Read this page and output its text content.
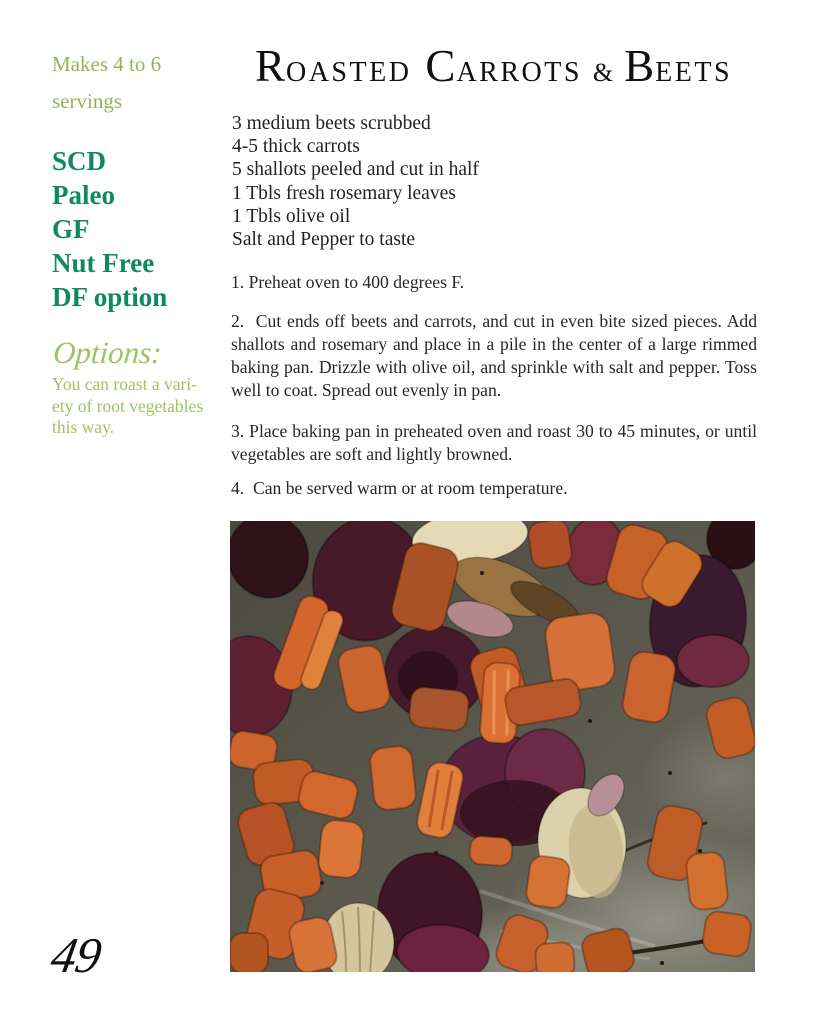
Makes 4 to 6
servings
SCD
Paleo
GF
Nut Free
DF option
Options:
You can roast a vari-
ety of root vegetables
this way.
49
ROASTED CARROTS & BEETS
3 medium beets scrubbed
4-5 thick carrots
5 shallots peeled and cut in half
1 Tbls fresh rosemary leaves
1 Tbls olive oil
Salt and Pepper to taste

1. Preheat oven to 400 degrees F.

2.  Cut ends off beets and carrots, and cut in even bite sized pieces. Add shallots and rosemary and place in a pile in the center of a large rimmed baking pan. Drizzle with olive oil, and sprinkle with salt and pepper. Toss well to coat. Spread out evenly in pan.

3. Place baking pan in preheated oven and roast 30 to 45 minutes, or until vegetables are soft and lightly browned.

4.  Can be served warm or at room temperature.
